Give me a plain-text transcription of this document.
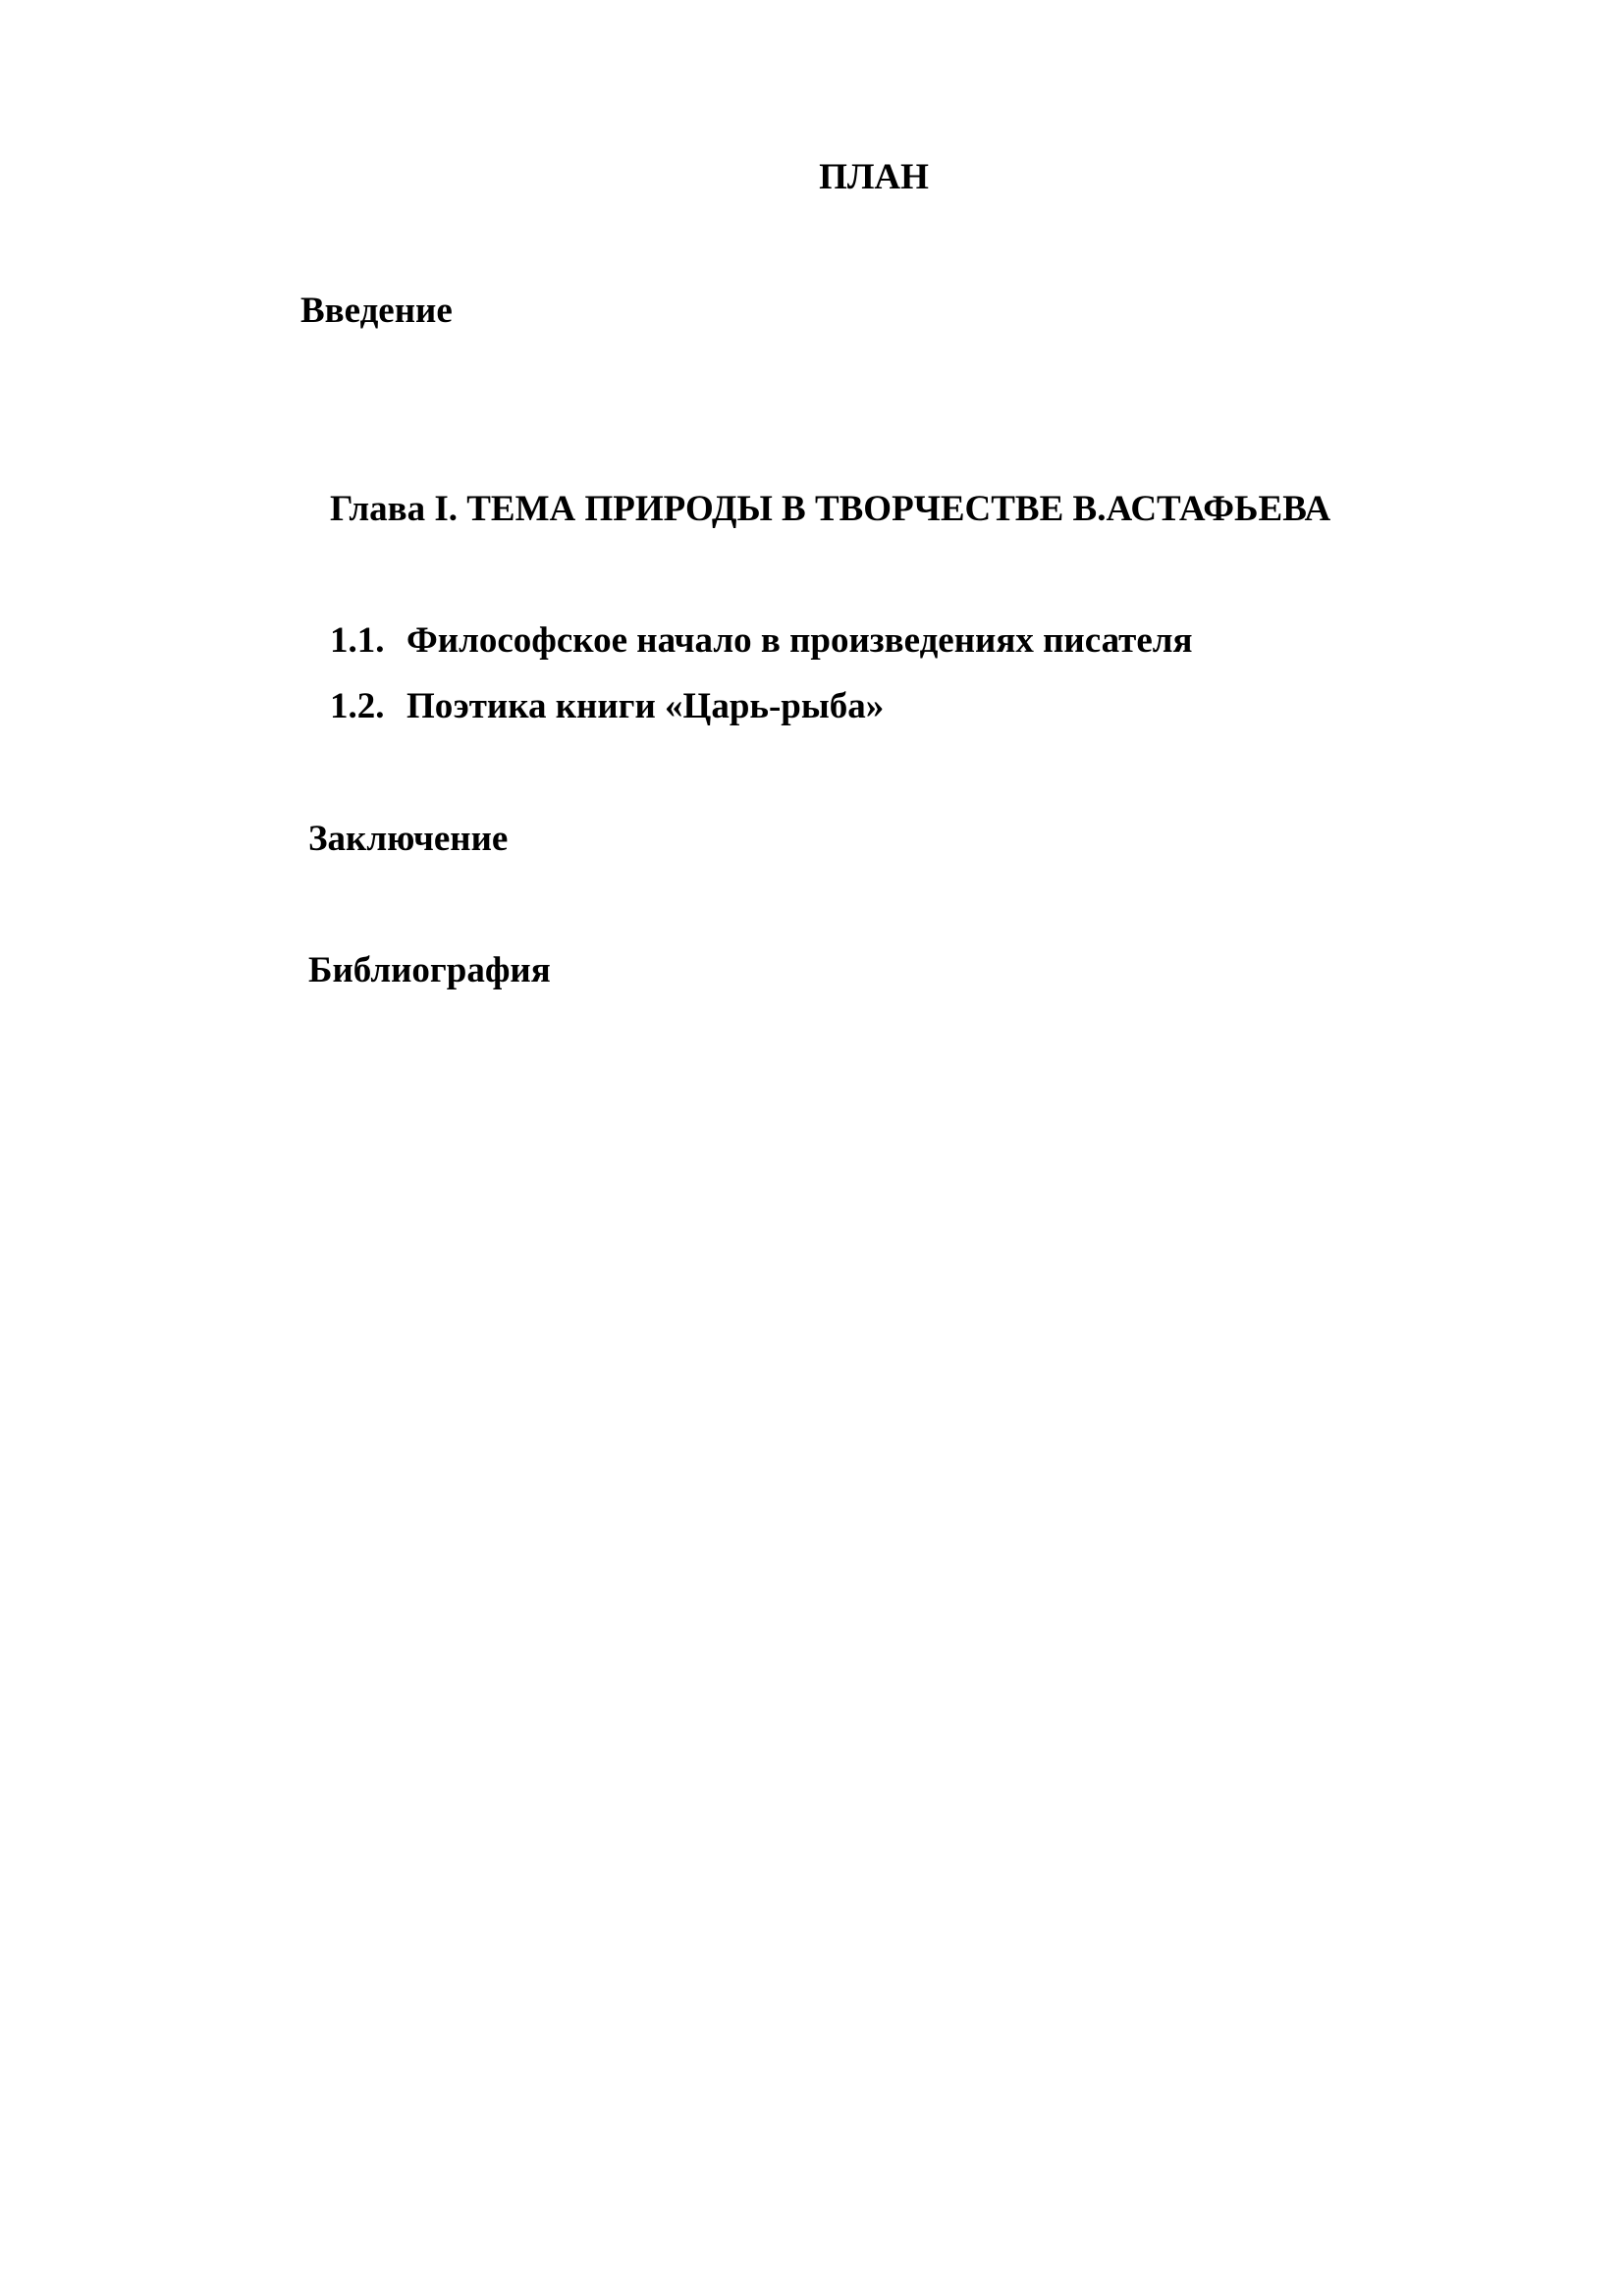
ПЛАН
Введение
Глава I. ТЕМА ПРИРОДЫ В ТВОРЧЕСТВЕ В.АСТАФЬЕВА
1.1. Философское начало в произведениях писателя
1.2. Поэтика книги «Царь-рыба»
Заключение
Библиография
